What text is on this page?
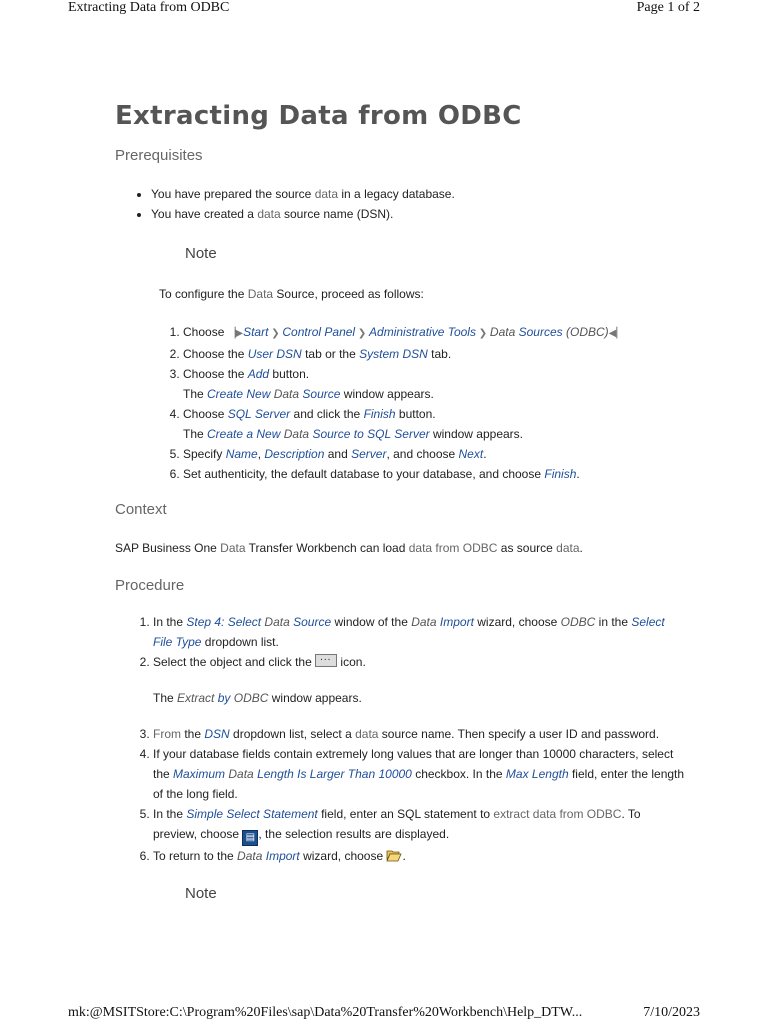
Extracting Data from ODBC	Page 1 of 2
Extracting Data from ODBC
Prerequisites
• You have prepared the source data in a legacy database.
• You have created a data source name (DSN).
Note
To configure the Data Source, proceed as follows:
1. Choose ▕▶Start ❯ Control Panel ❯ Administrative Tools ❯ Data Sources (ODBC)◀▏
2. Choose the User DSN tab or the System DSN tab.
3. Choose the Add button.
The Create New Data Source window appears.
4. Choose SQL Server and click the Finish button.
The Create a New Data Source to SQL Server window appears.
5. Specify Name, Description and Server, and choose Next.
6. Set authenticity, the default database to your database, and choose Finish.
Context
SAP Business One Data Transfer Workbench can load data from ODBC as source data.
Procedure
1. In the Step 4: Select Data Source window of the Data Import wizard, choose ODBC in the Select File Type dropdown list.
2. Select the object and click the ... icon.
The Extract by ODBC window appears.
3. From the DSN dropdown list, select a data source name. Then specify a user ID and password.
4. If your database fields contain extremely long values that are longer than 10000 characters, select the Maximum Data Length Is Larger Than 10000 checkbox. In the Max Length field, enter the length of the long field.
5. In the Simple Select Statement field, enter an SQL statement to extract data from ODBC. To preview, choose ▤ , the selection results are displayed.
6. To return to the Data Import wizard, choose .
Note
mk:@MSITStore:C:\Program%20Files\sap\Data%20Transfer%20Workbench\Help_DTW...	7/10/2023
